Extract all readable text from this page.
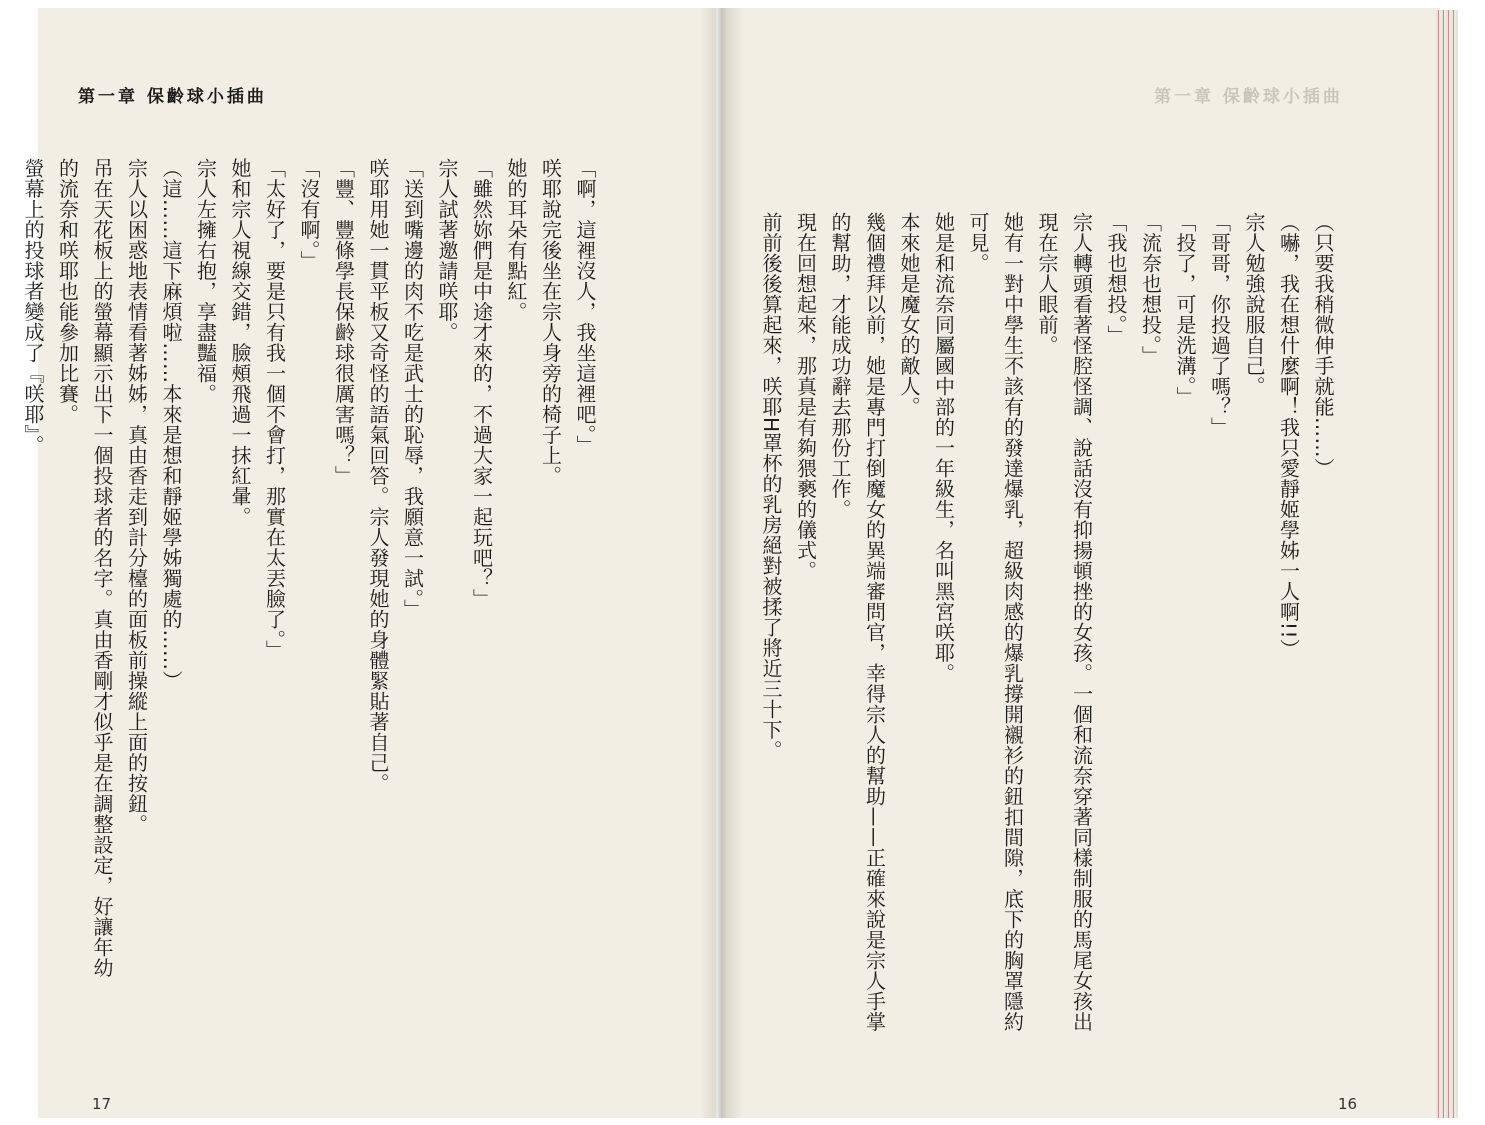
第一章 保齡球小插曲	第一章 保齡球小插曲

「啊，這裡沒人，我坐這裡吧。」

咲耶說完後坐在宗人身旁的椅子上。

她的耳朵有點紅。

「雖然妳們是中途才來的，不過大家一起玩吧？」

宗人試著邀請咲耶。

「送到嘴邊的肉不吃是武士的恥辱，我願意一試。」

咲耶用她一貫平板又奇怪的語氣回答。宗人發現她的身體緊貼著自己。

「豐、豐條學長保齡球很厲害嗎？」

「沒有啊。」

「太好了，要是只有我一個不會打，那實在太丟臉了。」

她和宗人視線交錯，臉頰飛過一抹紅暈。

宗人左擁右抱，享盡豔福。

（這……這下麻煩啦……本來是想和靜姬學姊獨處的……）

宗人以困惑地表情看著姊姊，真由香走到計分檯的面板前操縱上面的按鈕。

吊在天花板上的螢幕顯示出下一個投球者的名字。真由香剛才似乎是在調整設定，好讓年幼

的流奈和咲耶也能參加比賽。

螢幕上的投球者變成了『咲耶』。	（只要我稍微伸手就能……）

（嚇，我在想什麼啊！我只愛靜姬學姊一人啊!!）

宗人勉強說服自己。

「哥哥，你投過了嗎？」

「投了，可是洗溝。」

「流奈也想投。」

「我也想投。」

宗人轉頭看著怪腔怪調、說話沒有抑揚頓挫的女孩。一個和流奈穿著同樣制服的馬尾女孩出

現在宗人眼前。

她有一對中學生不該有的發達爆乳，超級肉感的爆乳撐開襯衫的鈕扣間隙，底下的胸罩隱約

可見。

她是和流奈同屬國中部的一年級生，名叫黑宮咲耶。

本來她是魔女的敵人。

幾個禮拜以前，她是專門打倒魔女的異端審問官，幸得宗人的幫助——正確來說是宗人手掌

的幫助，才能成功辭去那份工作。

現在回想起來，那真是有夠猥褻的儀式。

前前後後算起來，咲耶H罩杯的乳房絕對被揉了將近三十下。

17	16
